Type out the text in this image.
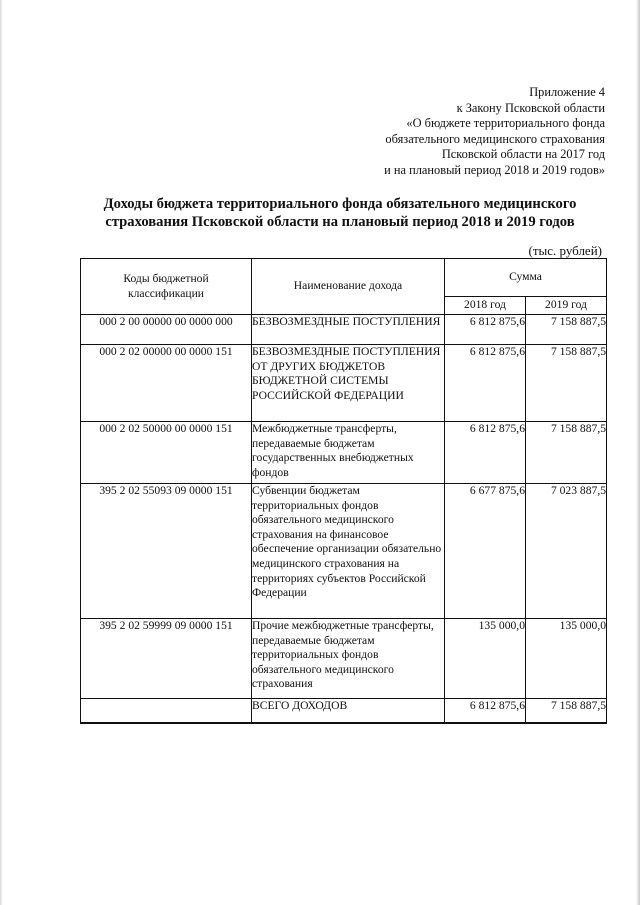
Приложение 4
к Закону Псковской области
«О бюджете территориального фонда
обязательного медицинского страхования
Псковской области на 2017 год
и на плановый период 2018 и 2019 годов»
Доходы бюджета территориального фонда обязательного медицинского
страхования Псковской области на плановый период 2018 и 2019 годов
(тыс. рублей)
Коды бюджетной классификации	Наименование дохода	Сумма	
		2018 год	2019 год
000 2 00 00000 00 0000 000	БЕЗВОЗМЕЗДНЫЕ ПОСТУПЛЕНИЯ	6 812 875,6	7 158 887,5
000 2 02 00000 00 0000 151	БЕЗВОЗМЕЗДНЫЕ ПОСТУПЛЕНИЯ ОТ ДРУГИХ БЮДЖЕТОВ БЮДЖЕТНОЙ СИСТЕМЫ РОССИЙСКОЙ ФЕДЕРАЦИИ	6 812 875,6	7 158 887,5
000 2 02 50000 00 0000 151	Межбюджетные трансферты, передаваемые бюджетам государственных внебюджетных фондов	6 812 875,6	7 158 887,5
395 2 02 55093 09 0000 151	Субвенции бюджетам территориальных фондов обязательного медицинского страхования на финансовое обеспечение организации обязательно медицинского страхования на территориях субъектов Российской Федерации	6 677 875,6	7 023 887,5
395 2 02 59999 09 0000 151	Прочие межбюджетные трансферты, передаваемые бюджетам территориальных фондов обязательного медицинского страхования	135 000,0	135 000,0
	ВСЕГО ДОХОДОВ	6 812 875,6	7 158 887,5
